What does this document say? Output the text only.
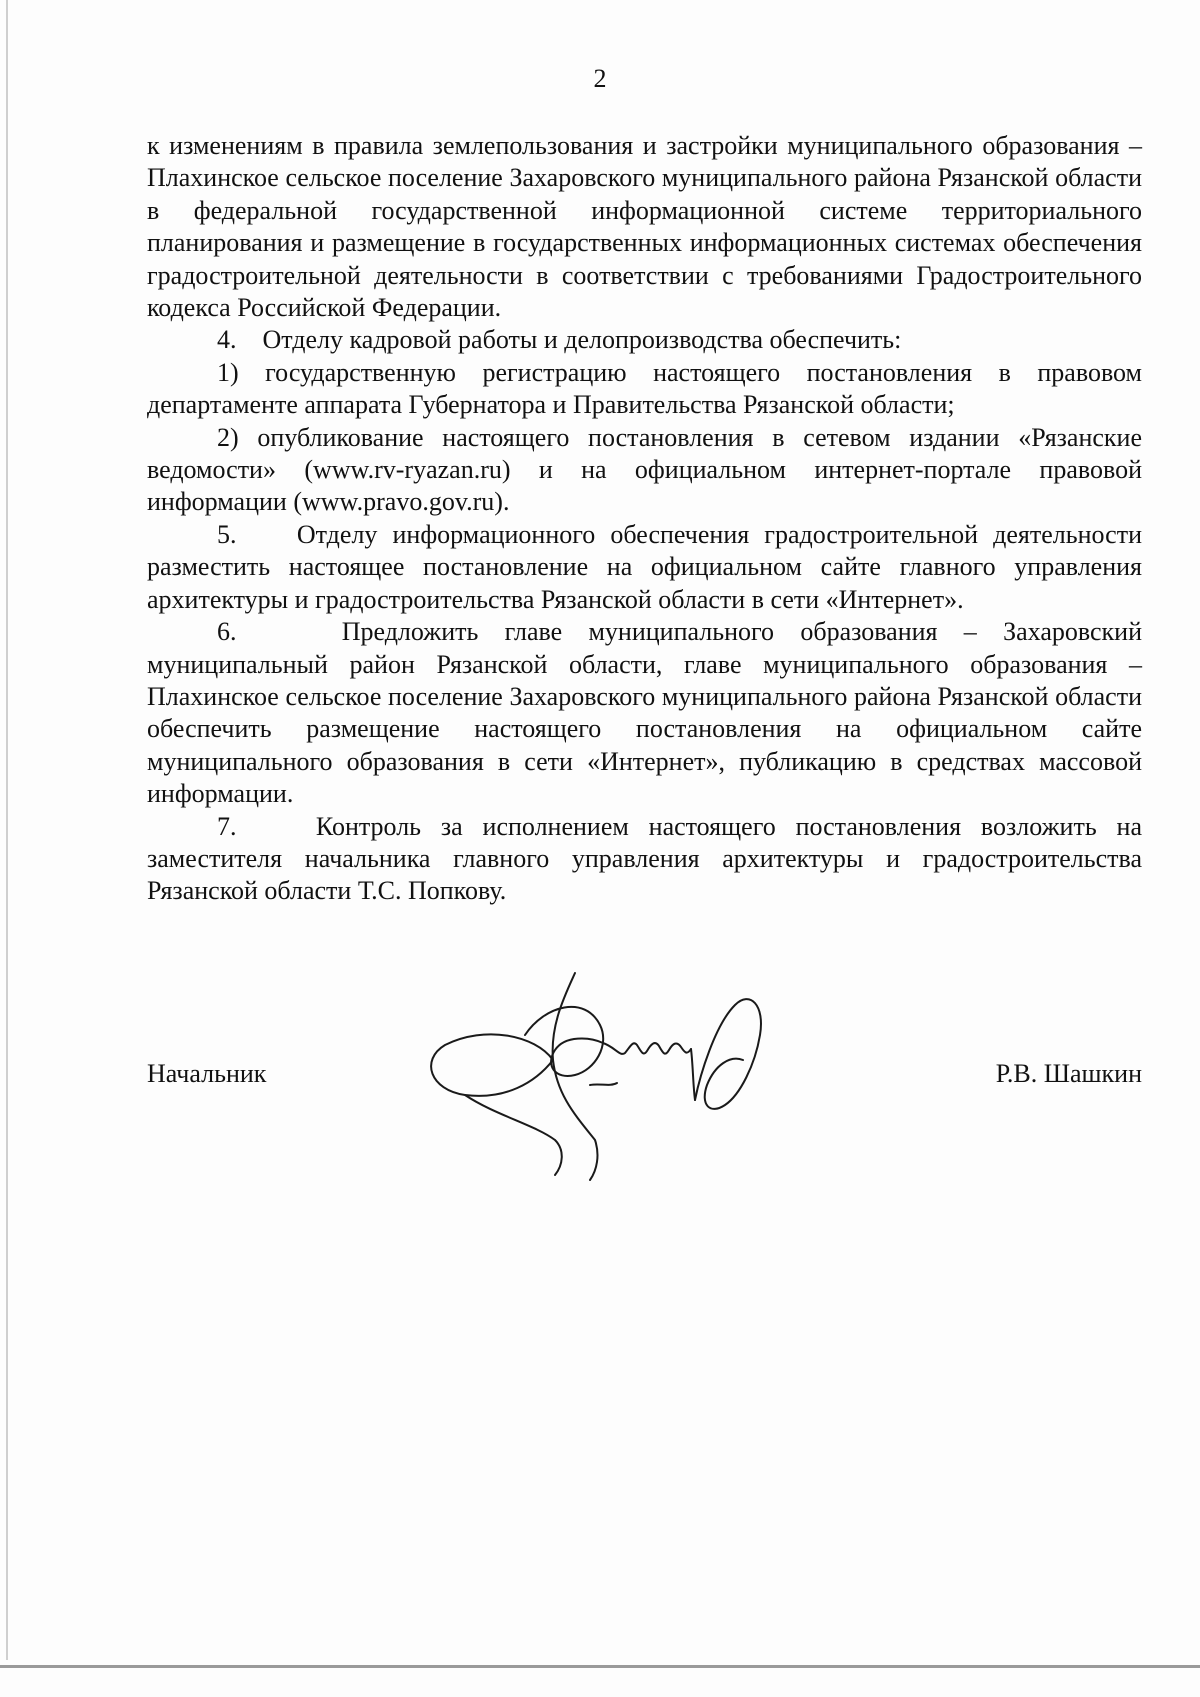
2

к изменениям в правила землепользования и застройки муниципального образования – Плахинское сельское поселение Захаровского муниципального района Рязанской области в федеральной государственной информационной системе территориального планирования и размещение в государственных информационных системах обеспечения градостроительной деятельности в соответствии с требованиями Градостроительного кодекса Российской Федерации.

4.    Отделу кадровой работы и делопроизводства обеспечить:

1) государственную регистрацию настоящего постановления в правовом департаменте аппарата Губернатора и Правительства Рязанской области;

2) опубликование настоящего постановления в сетевом издании «Рязанские ведомости» (www.rv-ryazan.ru) и на официальном интернет-портале правовой информации (www.pravo.gov.ru).

5.    Отделу информационного обеспечения градостроительной деятельности разместить настоящее постановление на официальном сайте главного управления архитектуры и градостроительства Рязанской области в сети «Интернет».

6.    Предложить главе муниципального образования – Захаровский муниципальный район Рязанской области, главе муниципального образования – Плахинское сельское поселение Захаровского муниципального района Рязанской области обеспечить размещение настоящего постановления на официальном сайте муниципального образования в сети «Интернет», публикацию в средствах массовой информации.

7.    Контроль за исполнением настоящего постановления возложить на заместителя начальника главного управления архитектуры и градостроительства Рязанской области Т.С. Попкову.

Начальник	Р.В. Шашкин
